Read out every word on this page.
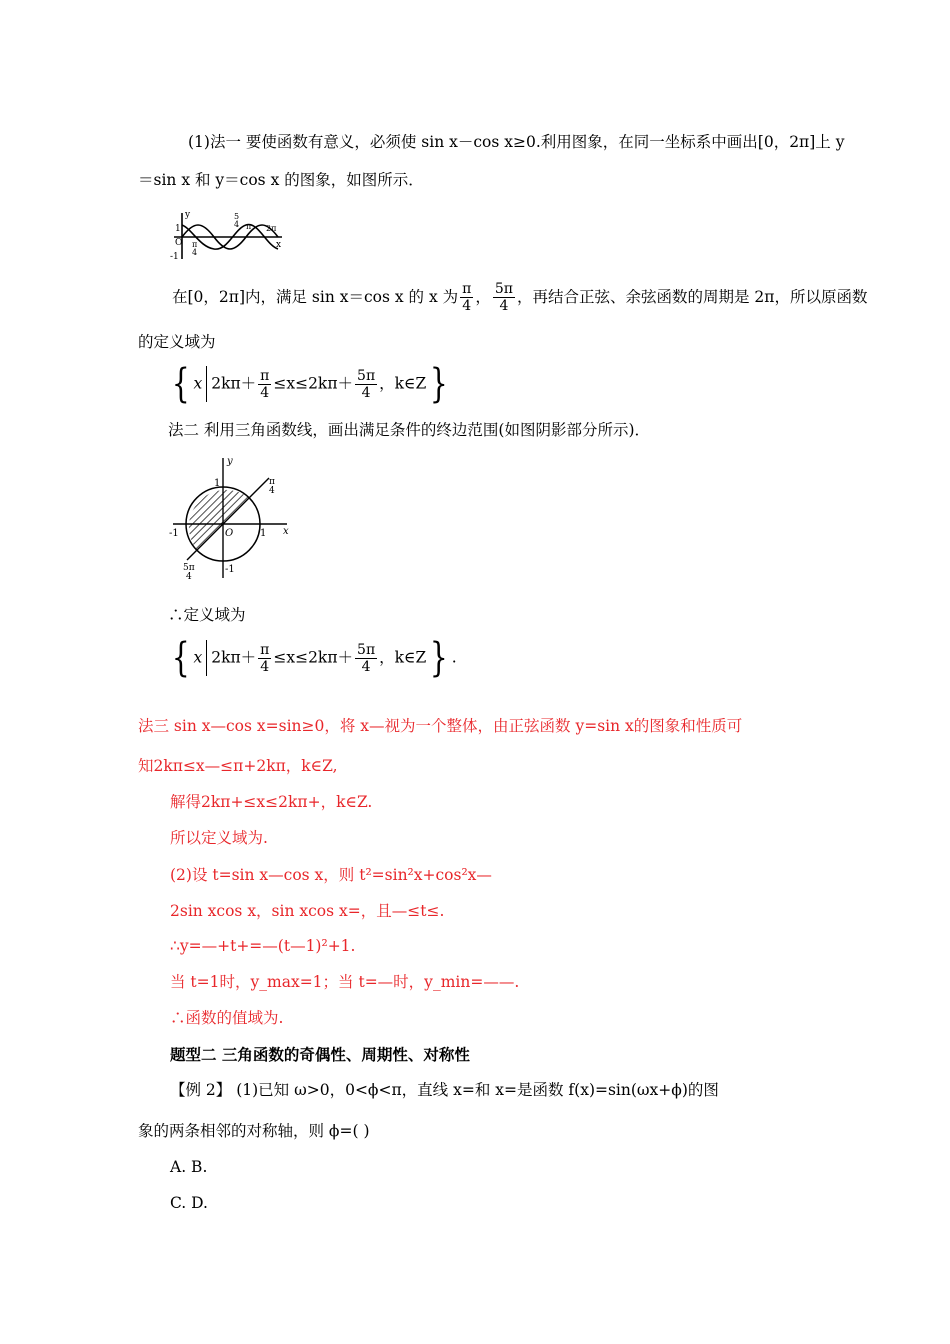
(1)法一 要使函数有意义，必须使 sin x－cos x≥0.利用图象，在同一坐标系中画出[0，2π]上 y
＝sin x 和 y＝cos x 的图象，如图所示．
y
1
O
-1
π
4
5
4 π 2π
x
在[0，2π]内，满足 sin x＝cos x 的 x 为 $\frac{\pi}{4}$ ， $\frac{5\pi}{4}$ ，再结合正弦、余弦函数的周期是 2π，所以原函数
的定义域为
{ x $2k\pi+ \frac{\pi}{4} \le x\le 2k\pi+ \frac{5\pi}{4}$ ，k∈Z}
法二 利用三角函数线，画出满足条件的终边范围(如图阴影部分所示)．
y
1	π
4
-1	O	1 x
5π
4
-1
∴定义域为
{ x $2k\pi+ \frac{\pi}{4} \le x\le 2k\pi+ \frac{5\pi}{4}$ ，k∈Z} .
法三 sin x—cos x=sin≥0，将 x—视为一个整体，由正弦函数 y=sin x的图象和性质可
知2kπ≤x—≤π+2kπ，k∈Z,
解得2kπ+≤x≤2kπ+，k∈Z.
所以定义域为.
(2)设 t=sin x—cos x，则 t²=sin²x+cos²x—
2sin xcos x，sin xcos x=，且—≤t≤.
∴y=—+t+=—(t—1)²+1.
当 t=1时，y_max=1；当 t=—时，y_min=——.
∴函数的值域为.
题型二 三角函数的奇偶性、周期性、对称性
【例 2】 (1)已知 ω>0，0<ϕ<π，直线 x=和 x=是函数 f(x)=sin(ωx+ϕ)的图
象的两条相邻的对称轴，则 ϕ=( )
A. B.
C. D.
